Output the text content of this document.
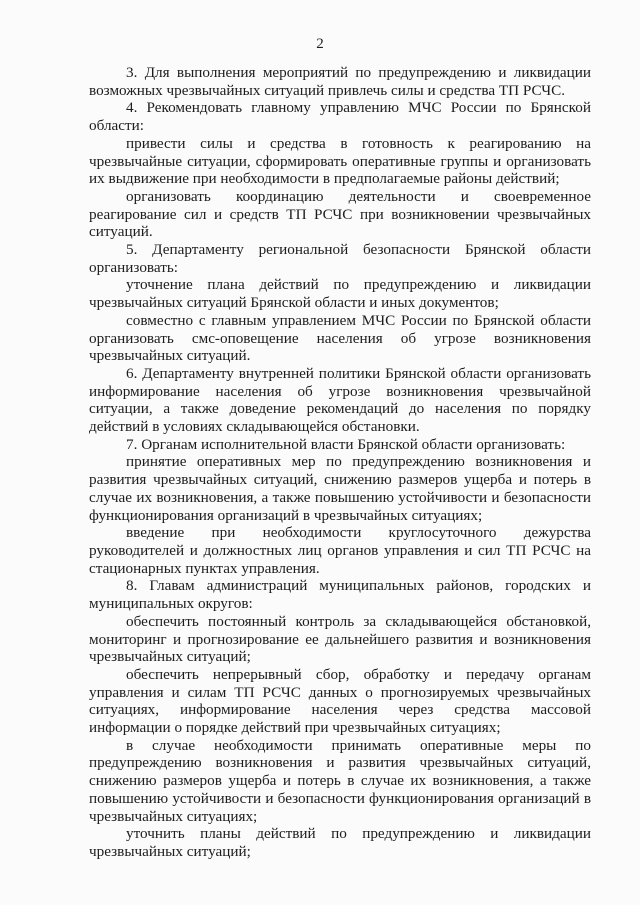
2

3. Для выполнения мероприятий по предупреждению и ликвидации возможных чрезвычайных ситуаций привлечь силы и средства ТП РСЧС.

4. Рекомендовать главному управлению МЧС России по Брянской области:

привести силы и средства в готовность к реагированию на чрезвычайные ситуации, сформировать оперативные группы и организовать их выдвижение при необходимости в предполагаемые районы действий;

организовать координацию деятельности и своевременное реагирование сил и средств ТП РСЧС при возникновении чрезвычайных ситуаций.

5. Департаменту региональной безопасности Брянской области организовать:

уточнение плана действий по предупреждению и ликвидации чрезвычайных ситуаций Брянской области и иных документов;

совместно с главным управлением МЧС России по Брянской области организовать смс-оповещение населения об угрозе возникновения чрезвычайных ситуаций.

6. Департаменту внутренней политики Брянской области организовать информирование населения об угрозе возникновения чрезвычайной ситуации, а также доведение рекомендаций до населения по порядку действий в условиях складывающейся обстановки.

7. Органам исполнительной власти Брянской области организовать:

принятие оперативных мер по предупреждению возникновения и развития чрезвычайных ситуаций, снижению размеров ущерба и потерь в случае их возникновения, а также повышению устойчивости и безопасности функционирования организаций в чрезвычайных ситуациях;

введение при необходимости круглосуточного дежурства руководителей и должностных лиц органов управления и сил ТП РСЧС на стационарных пунктах управления.

8. Главам администраций муниципальных районов, городских и муниципальных округов:

обеспечить постоянный контроль за складывающейся обстановкой, мониторинг и прогнозирование ее дальнейшего развития и возникновения чрезвычайных ситуаций;

обеспечить непрерывный сбор, обработку и передачу органам управления и силам ТП РСЧС данных о прогнозируемых чрезвычайных ситуациях, информирование населения через средства массовой информации о порядке действий при чрезвычайных ситуациях;

в случае необходимости принимать оперативные меры по предупреждению возникновения и развития чрезвычайных ситуаций, снижению размеров ущерба и потерь в случае их возникновения, а также повышению устойчивости и безопасности функционирования организаций в чрезвычайных ситуациях;

уточнить планы действий по предупреждению и ликвидации чрезвычайных ситуаций;
